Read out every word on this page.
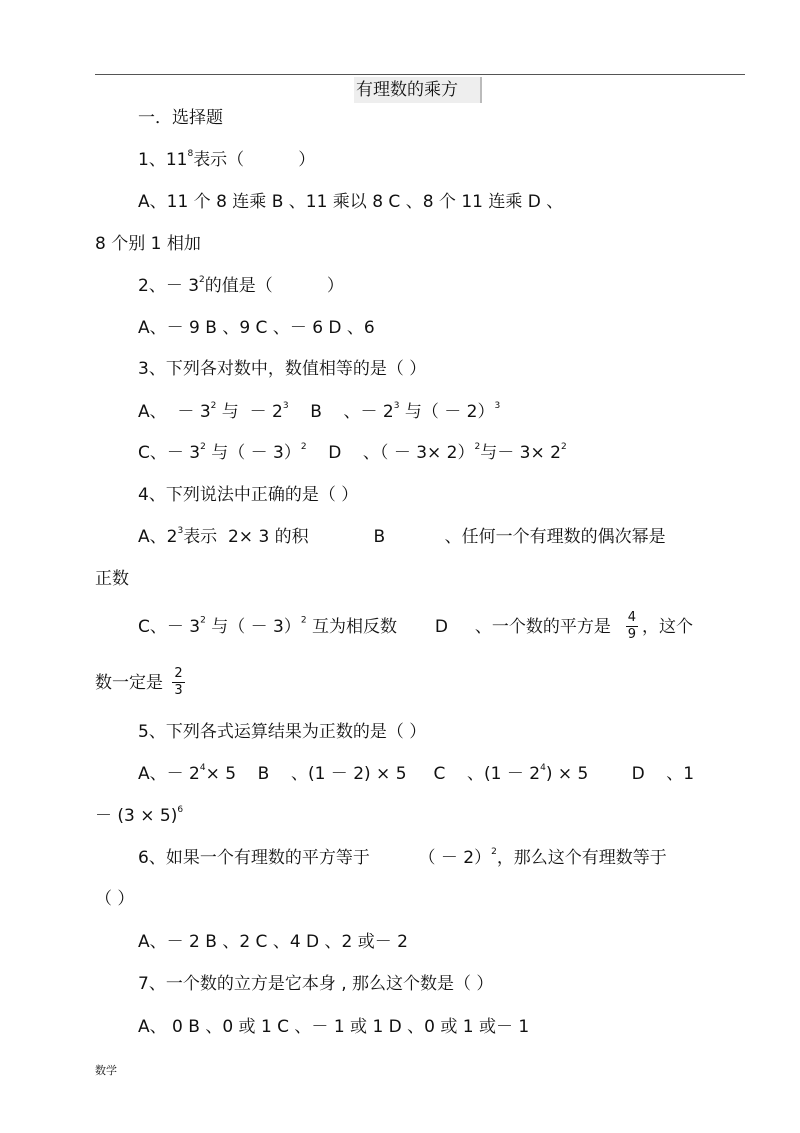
有理数的乘方
一．选择题
1、$11^8$表示（          ）
A、11 个 8 连乘 B 、11 乘以 8 C 、8 个 11 连乘 D 、
8 个别 1 相加
2、－ $3^2$的值是（          ）
A、－ 9 B 、9 C 、－ 6 D 、6
3、下列各对数中，数值相等的是（ ）
A、  － $3^2$ 与  － $2^3$    B    、－ $2^3$ 与（ － 2）$^3$
C、－ $3^2$ 与（ － 3）$^2$    D    、（ － 3× 2）$^2$与－ $3\times 2^2$
4、下列说法中正确的是（ ）
A、$2^3$表示  2× 3 的积            B           、任何一个有理数的偶次幂是
正数
C、－ $3^2$ 与（ － 3）$^2$ 互为相反数       D     、一个数的平方是 $\frac{4}{9}$ ，这个
数一定是 $\frac{2}{3}$
5、下列各式运算结果为正数的是（ ）
A、－ $2^4\times 5$    B    、(1 － 2) × 5     C    、$(1 - 2^4) \times 5$        D    、1
－ $(3 \times 5)^6$
6、如果一个有理数的平方等于         （ － 2）$^2$，那么这个有理数等于
（ ）
A、－ 2 B 、2 C 、4 D 、2 或－ 2
7、一个数的立方是它本身 , 那么这个数是（ ）
A、 0 B 、0 或 1 C 、－ 1 或 1 D 、0 或 1 或－ 1
数学
